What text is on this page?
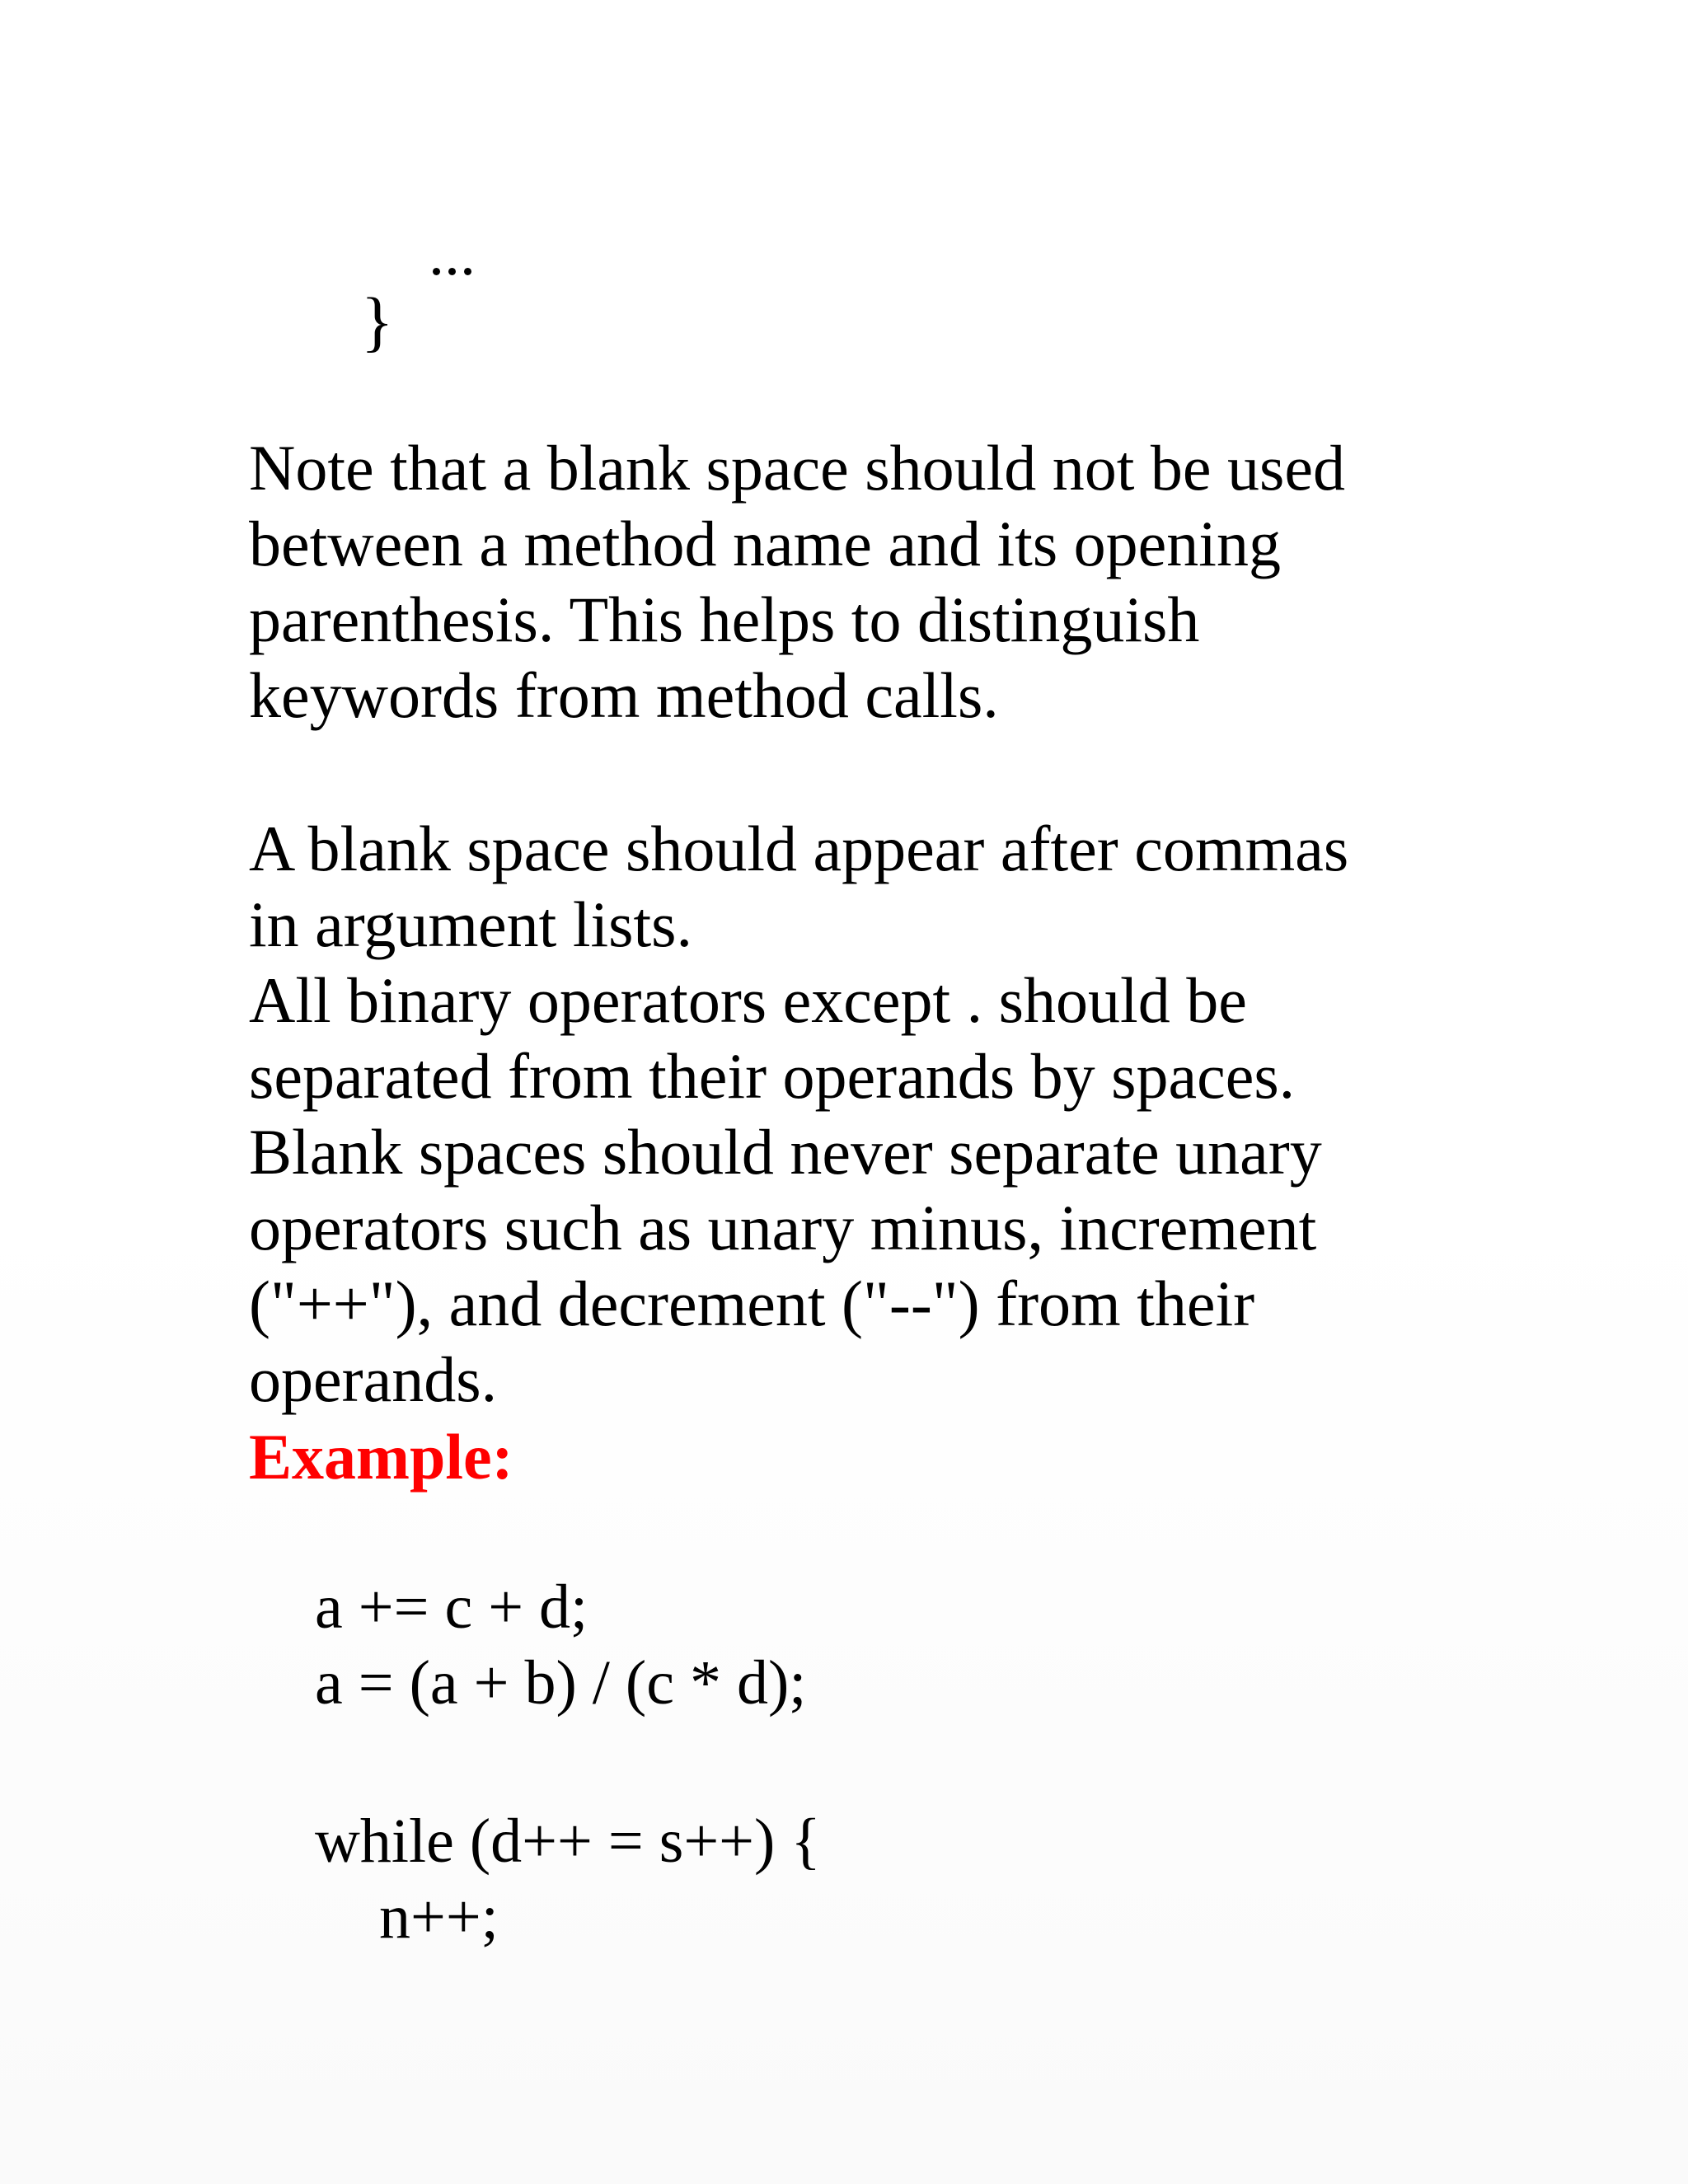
...
}

Note that a blank space should not be used

between a method name and its opening

parenthesis. This helps to distinguish

keywords from method calls.

A blank space should appear after commas

in argument lists.

All binary operators except . should be

separated from their operands by spaces.

Blank spaces should never separate unary

operators such as unary minus, increment

("++"), and decrement ("--") from their

operands.

Example:

a += c + d;
a = (a + b) / (c * d);
while (d++ = s++) {
n++;
